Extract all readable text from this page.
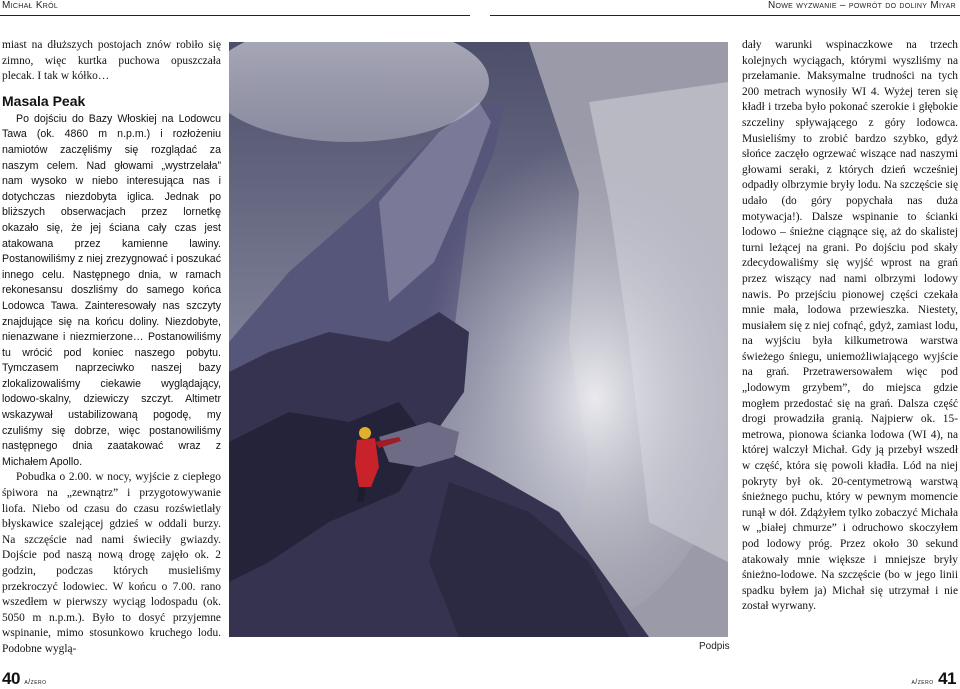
Michał Król	Nowe wyzwanie – powrót do doliny Miyar

miast na dłuższych postojach znów robiło się zimno, więc kurtka puchowa opuszczała plecak. I tak w kółko…

Masala Peak

Po dojściu do Bazy Włoskiej na Lodowcu Tawa (ok. 4860 m n.p.m.) i rozłożeniu namiotów zaczęliśmy się rozglądać za naszym celem. Nad głowami „wystrzelała” nam wysoko w niebo interesująca nas i dotychczas niezdobyta iglica. Jednak po bliższych obserwacjach przez lornetkę okazało się, że jej ściana cały czas jest atakowana przez kamienne lawiny. Postanowiliśmy z niej zrezygnować i poszukać innego celu. Następnego dnia, w ramach rekonesansu doszliśmy do samego końca Lodowca Tawa. Zainteresowały nas szczyty znajdujące się na końcu doliny. Niezdobyte, nienazwane i niezmierzone… Postanowiliśmy tu wrócić pod koniec naszego pobytu. Tymczasem naprzeciwko naszej bazy zlokalizowaliśmy ciekawie wyglądający, lodowo-skalny, dziewiczy szczyt. Altimetr wskazywał ustabilizowaną pogodę, my czuliśmy się dobrze, więc postanowiliśmy następnego dnia zaatakować wraz z Michałem Apollo.

Pobudka o 2.00. w nocy, wyjście z ciepłego śpiwora na „zewnątrz” i przygotowywanie liofa. Niebo od czasu do czasu rozświetlały błyskawice szalejącej gdzieś w oddali burzy. Na szczęście nad nami świeciły gwiazdy. Dojście pod naszą nową drogę zajęło ok. 2 godzin, podczas których musieliśmy przekroczyć lodowiec. W końcu o 7.00. rano wszedłem w pierwszy wyciąg lodospadu (ok. 5050 m n.p.m.). Było to dosyć przyjemne wspinanie, mimo stosunkowo kruchego lodu. Podobne wyglą-	Podpis

dały warunki wspinaczkowe na trzech kolejnych wyciągach, którymi wyszliśmy na przełamanie. Maksymalne trudności na tych 200 metrach wynosiły WI 4. Wyżej teren się kładł i trzeba było pokonać szerokie i głębokie szczeliny spływającego z góry lodowca. Musieliśmy to zrobić bardzo szybko, gdyż słońce zaczęło ogrzewać wiszące nad naszymi głowami seraki, z których dzień wcześniej odpadły olbrzymie bryły lodu. Na szczęście się udało (do góry popychała nas duża motywacja!). Dalsze wspinanie to ścianki lodowo – śnieżne ciągnące się, aż do skalistej turni leżącej na grani. Po dojściu pod skały zdecydowaliśmy się wyjść wprost na grań przez wiszący nad nami olbrzymi lodowy nawis. Po przejściu pionowej części czekała mnie mała, lodowa przewieszka. Niestety, musiałem się z niej cofnąć, gdyż, zamiast lodu, na wyjściu była kilkumetrowa warstwa świeżego śniegu, uniemożliwiającego wyjście na grań. Przetrawersowałem więc pod „lodowym grzybem”, do miejsca gdzie mogłem przedostać się na grań. Dalsza część drogi prowadziła granią. Najpierw ok. 15-metrowa, pionowa ścianka lodowa (WI 4), na której walczył Michał. Gdy ją przebył wszedł w część, która się powoli kładła. Lód na niej pokryty był ok. 20-centymetrową warstwą śnieżnego puchu, który w pewnym momencie runął w dół. Zdążyłem tylko zobaczyć Michała w „białej chmurze” i odruchowo skoczyłem pod lodowy próg. Przez około 30 sekund atakowały mnie większe i mniejsze bryły śnieżno-lodowe. Na szczęście (bo w jego linii spadku byłem ja) Michał się utrzymał i nie został wyrwany.

40 a/zero	a/zero 41
